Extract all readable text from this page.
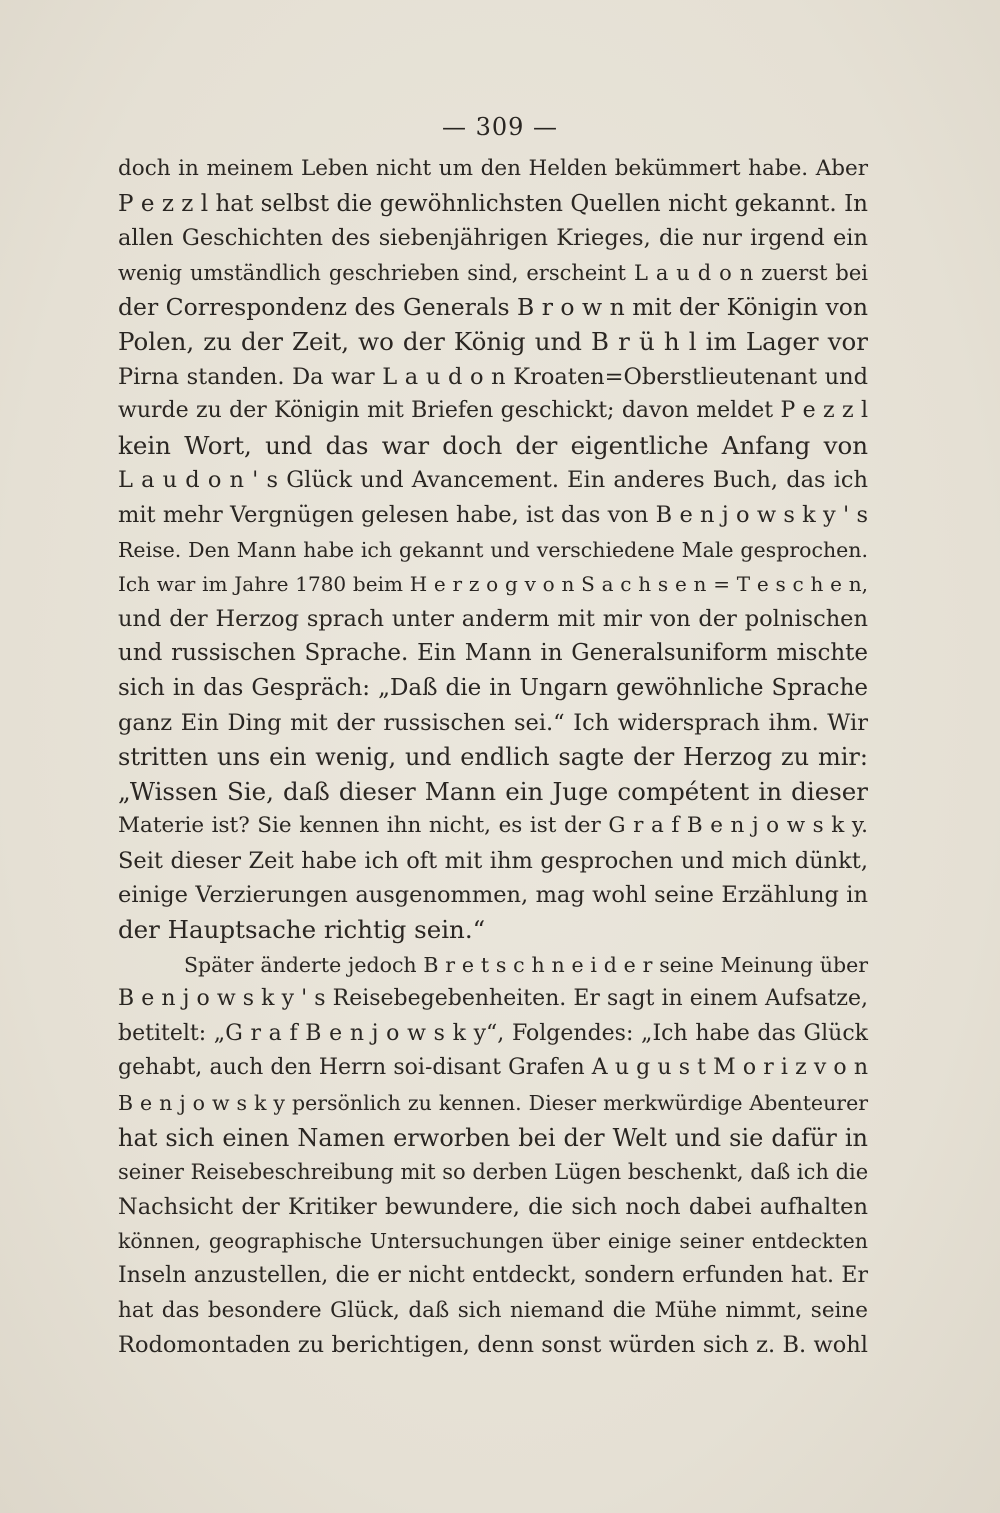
— 309 —
doch in meinem Leben nicht um den Helden bekümmert habe. Aber
P e z z l hat selbst die gewöhnlichsten Quellen nicht gekannt. In
allen Geschichten des siebenjährigen Krieges, die nur irgend ein
wenig umständlich geschrieben sind, erscheint L a u d o n zuerst bei
der Correspondenz des Generals B r o w n mit der Königin von
Polen, zu der Zeit, wo der König und B r ü h l im Lager vor
Pirna standen. Da war L a u d o n Kroaten=Oberstlieutenant und
wurde zu der Königin mit Briefen geschickt; davon meldet P e z z l
kein Wort, und das war doch der eigentliche Anfang von
L a u d o n ' s Glück und Avancement. Ein anderes Buch, das ich
mit mehr Vergnügen gelesen habe, ist das von B e n j o w s k y ' s
Reise. Den Mann habe ich gekannt und verschiedene Male gesprochen.
Ich war im Jahre 1780 beim H e r z o g v o n S a c h s e n = T e s c h e n,
und der Herzog sprach unter anderm mit mir von der polnischen
und russischen Sprache. Ein Mann in Generalsuniform mischte
sich in das Gespräch: „Daß die in Ungarn gewöhnliche Sprache
ganz Ein Ding mit der russischen sei.“ Ich widersprach ihm. Wir
stritten uns ein wenig, und endlich sagte der Herzog zu mir:
„Wissen Sie, daß dieser Mann ein Juge compétent in dieser
Materie ist? Sie kennen ihn nicht, es ist der G r a f B e n j o w s k y.
Seit dieser Zeit habe ich oft mit ihm gesprochen und mich dünkt,
einige Verzierungen ausgenommen, mag wohl seine Erzählung in
der Hauptsache richtig sein.“
Später änderte jedoch B r e t s c h n e i d e r seine Meinung über
B e n j o w s k y ' s Reisebegebenheiten. Er sagt in einem Aufsatze,
betitelt: „G r a f B e n j o w s k y“, Folgendes: „Ich habe das Glück
gehabt, auch den Herrn soi-disant Grafen A u g u s t M o r i z v o n
B e n j o w s k y persönlich zu kennen. Dieser merkwürdige Abenteurer
hat sich einen Namen erworben bei der Welt und sie dafür in
seiner Reisebeschreibung mit so derben Lügen beschenkt, daß ich die
Nachsicht der Kritiker bewundere, die sich noch dabei aufhalten
können, geographische Untersuchungen über einige seiner entdeckten
Inseln anzustellen, die er nicht entdeckt, sondern erfunden hat. Er
hat das besondere Glück, daß sich niemand die Mühe nimmt, seine
Rodomontaden zu berichtigen, denn sonst würden sich z. B. wohl
